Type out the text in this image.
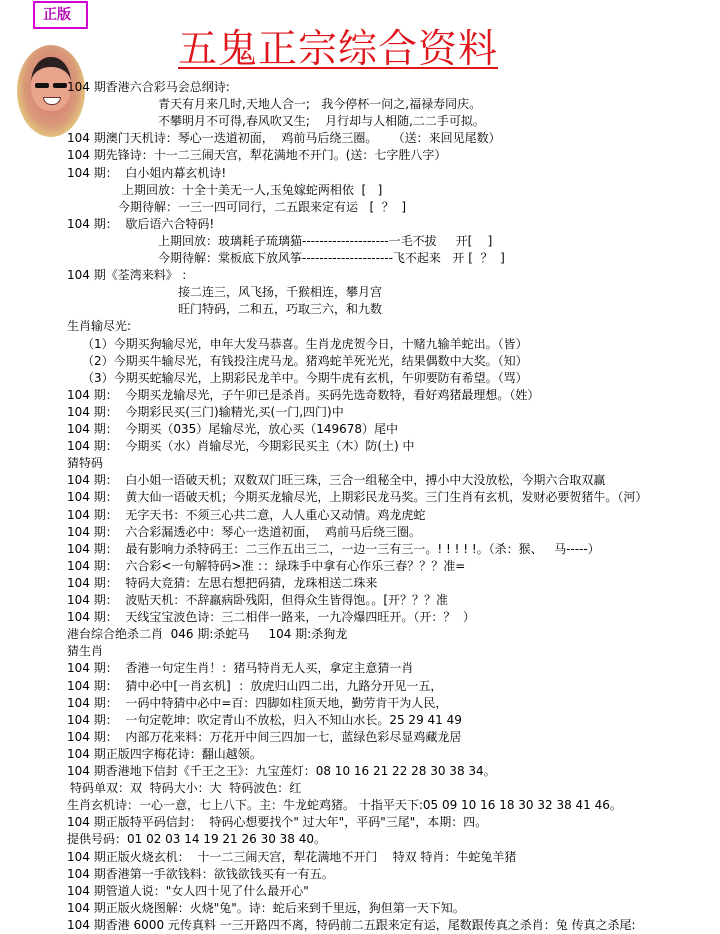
正版
五鬼正宗综合资料
104 期香港六合彩马会总纲诗:
青天有月来几时,天地人合一;   我今停杯一问之,福禄寿同庆。
不攀明月不可得,春风吹又生;    月行却与人相随,二二手可拟。
104 期澳门天机诗：琴心一迭道初面，  鸡前马后绕三圈。    （送：来回见尾数）
104 期先锋诗：十一二三闹天宫，犁花满地不开门。(送：七字胜八字）
104 期：  白小姐内幕玄机诗!
上期回放：十全十美无一人,玉兔嫁蛇两相依  [   ]
今期待解：一三一四可同行，二五跟来定有运   [  ？  ]
104 期：  歇后语六合特码!
上期回放：玻璃耗子琉璃猫--------------------一毛不拔     开[    ]
今期待解：棠板底下放风筝---------------------飞不起来   开 [  ？  ]
104 期《荃湾来料》 ：
接二连三，风飞扬，千猴相连，攀月宫
旺门特码，二和五，巧取三六，和九数
生肖输尽光:
（1）今期买狗输尽光，申年大发马恭喜。生肖龙虎贺今日，十赌九输羊蛇出。（皆）
（2）今期买牛输尽光，有钱投注虎马龙。猪鸡蛇羊死光光，结果偶数中大奖。（知）
（3）今期买蛇输尽光，上期彩民龙羊中。今期牛虎有玄机，午卯要防有希望。（骂）
104 期：  今期买龙输尽光，子午卯已是杀肖。买码先选奇数特，看好鸡猪最理想。（姓）
104 期：  今期彩民买(三门)输精光,买(一门,四门)中
104 期：  今期买（035）尾输尽光，放心买（149678）尾中
104 期：  今期买（水）肖输尽光，今期彩民买主（木）防(土) 中
猜特码
104 期：  白小姐一语破天机；双数双门旺三珠，三合一组秘全中，搏小中大没放松，今期六合取双赢
104 期：  黄大仙一语破天机；今期买龙输尽光，上期彩民龙马奖。三门生肖有玄机，发财必要贺猪牛。（河）
104 期：  无字天书：不须三心共二意，人人重心又动情。鸡龙虎蛇
104 期：  六合彩漏透必中：琴心一迭道初面，  鸡前马后绕三圈。
104 期：  最有影响力杀特码王：二三作五出三二，一边一三有三一。! ! ! ! !。（杀：猴、   马-----）
104 期：  六合彩<一句解特码>准 ：：绿珠手中拿有心作乐三春？？？准=
104 期：  特码大竞猜：左思右想把码猜，龙珠相送二珠来
104 期：  波贴天机：不辞羸病卧残阳，但得众生皆得饱。。[开？？？准
104 期：  天线宝宝波色诗：三二相伴一路来，一九冷爆四旺开。（开：？  ）
港台综合绝杀二肖  046 期:杀蛇马     104 期:杀狗龙
猜生肖
104 期：  香港一句定生肖！：猪马特肖无人买，拿定主意猜一肖
104 期：  猜中必中[一肖玄机]  ：放虎归山四二出，九路分开见一五，
104 期：  一码中特猜中必中=百：四脚如柱顶天地，勤劳肯干为人民，
104 期：  一句定乾坤：吹定青山不放松，归入不知山水长。25 29 41 49
104 期：  内部万花来料：万花开中间三四加一七，蓝绿色彩尽显鸡藏龙居
104 期正版四字梅花诗：翻山越领。
104 期香港地下信封《千王之王》：九宝莲灯：08 10 16 21 22 28 30 38 34。
特码单双：双  特码大小：大  特码波色：红
生肖玄机诗：一心一意，七上八下。主：牛龙蛇鸡猪。 十指平天下:05 09 10 16 18 30 32 38 41 46。
104 期正版特平码信封：  特码心想要找个" 过大年"，平码"三尾"，本期：四。
提供号码：01 02 03 14 19 21 26 30 38 40。
104 期正版火烧玄机：  十一二三闹天宫，犁花满地不开门    特双 特肖：牛蛇兔羊猪
104 期香港第一手欲钱料：欲钱欲钱买有一有五。
104 期管道人说："女人四十见了什么最开心"
104 期正版火烧图解：火烧"兔"。诗：蛇后来到千里远，狗但第一天下知。
104 期香港 6000 元传真料 一三开路四不离，特码前二五跟来定有运，尾数跟传真之杀肖：兔 传真之杀尾:
